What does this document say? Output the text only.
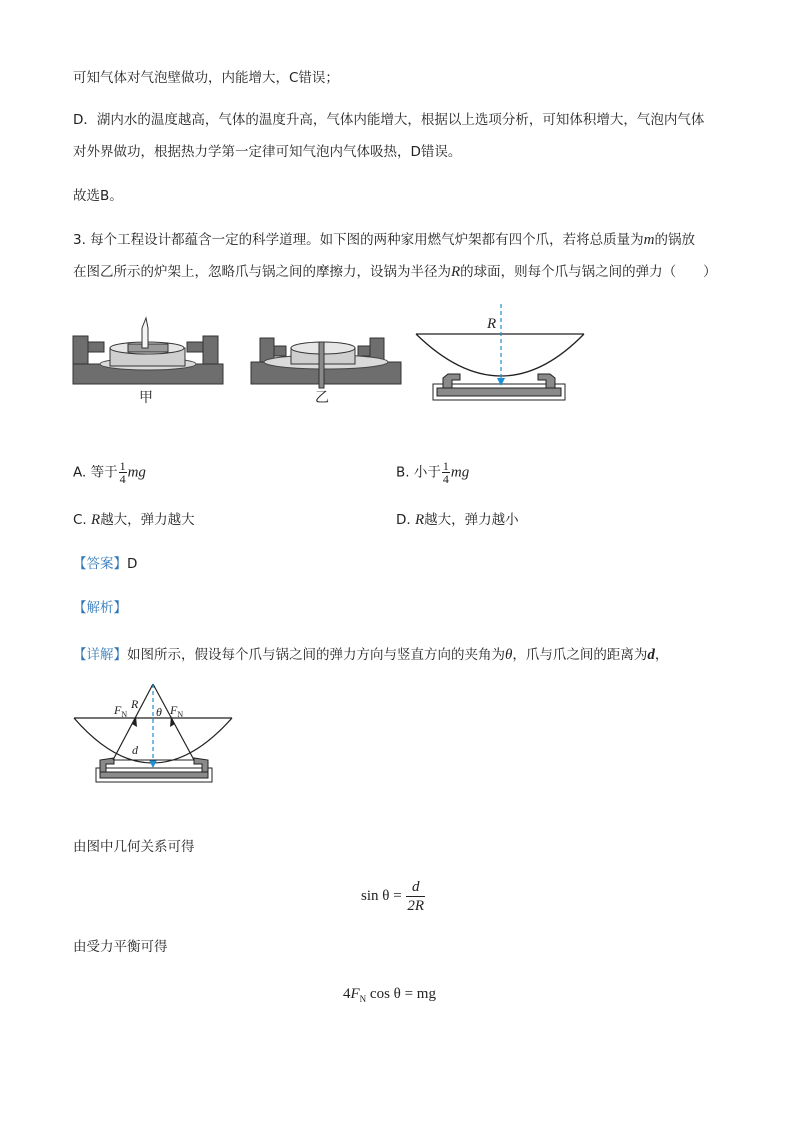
可知气体对气泡壁做功，内能增大，C错误；
D．湖内水的温度越高，气体的温度升高，气体内能增大，根据以上选项分析，可知体积增大，气泡内气体
对外界做功，根据热力学第一定律可知气泡内气体吸热，D错误。
故选B。
3. 每个工程设计都蕴含一定的科学道理。如下图的两种家用燃气炉架都有四个爪，若将总质量为m的锅放
在图乙所示的炉架上，忽略爪与锅之间的摩擦力，设锅为半径为R的球面，则每个爪与锅之间的弹力（　　）
甲	乙
R
A. 等于 $\frac{1}{4}$ mg	B. 小于 $\frac{1}{4}$ mg
C. R越大，弹力越大	D. R越大，弹力越小
【答案】D
【解析】
【详解】如图所示，假设每个爪与锅之间的弹力方向与竖直方向的夹角为θ，爪与爪之间的距离为d，
$F_N$	$F_N$
R
θ
d
由图中几何关系可得
$\sin \theta = \frac{d}{2R}$
由受力平衡可得
$4F_N$ cos θ = mg
